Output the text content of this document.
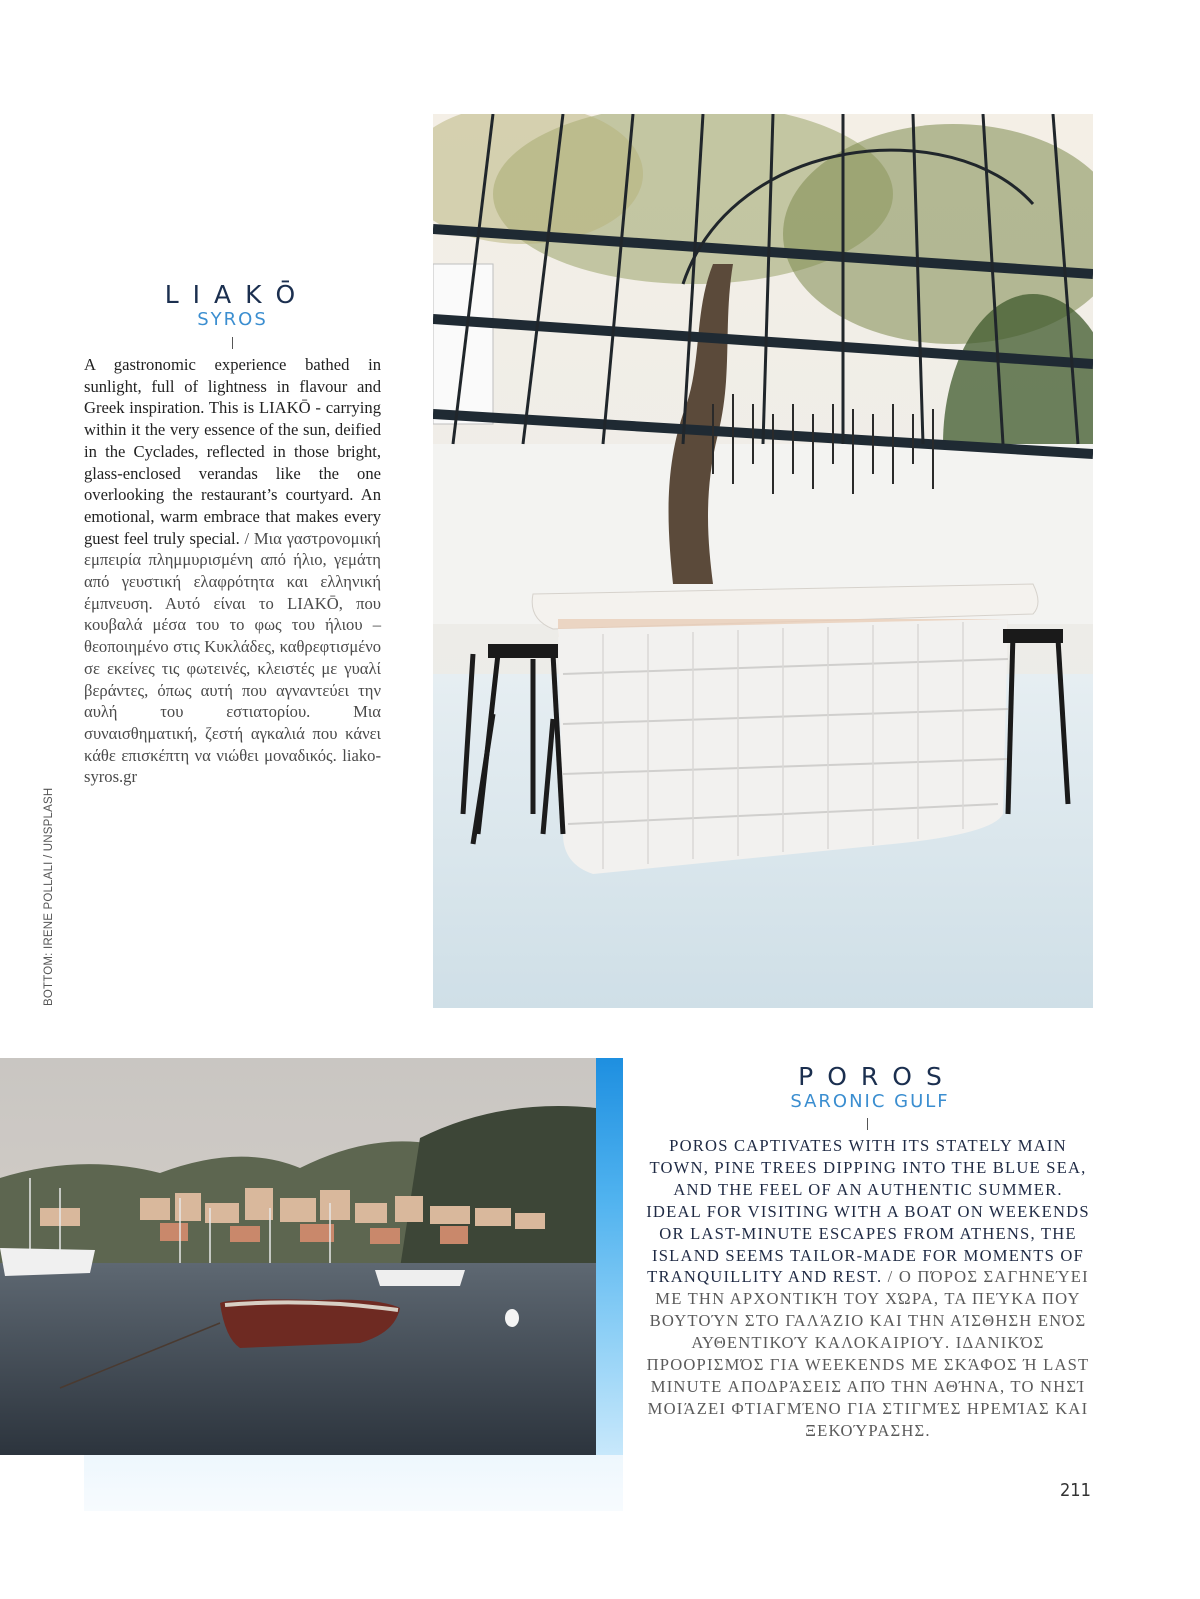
LIAKŌ
SYROS
A gastronomic experience bathed in sunlight, full of lightness in flavour and Greek inspiration. This is LIAKŌ - carrying within it the very essence of the sun, deified in the Cyclades, reflected in those bright, glass-enclosed verandas like the one overlooking the restaurant’s courtyard. An emotional, warm embrace that makes every guest feel truly special. / Μια γαστρονομική εμπειρία πλημμυρισμένη από ήλιο, γεμάτη από γευστική ελαφρότητα και ελληνική έμπνευση. Αυτό είναι το LIAKŌ, που κουβαλά μέσα του το φως του ήλιου – θεοποιημένο στις Κυκλάδες, καθρεφτισμένο σε εκείνες τις φωτεινές, κλειστές με γυαλί βεράντες, όπως αυτή που αγναντεύει την αυλή του εστιατορίου. Μια συναισθηματική, ζεστή αγκαλιά που κάνει κάθε επισκέπτη να νιώθει μοναδικός. liako-syros.gr
BOTTOM: IRENE POLLALI / UNSPLASH
POROS
SARONIC GULF
POROS CAPTIVATES WITH ITS STATELY MAIN TOWN, PINE TREES DIPPING INTO THE BLUE SEA, AND THE FEEL OF AN AUTHENTIC SUMMER. IDEAL FOR VISITING WITH A BOAT ON WEEKENDS OR LAST-MINUTE ESCAPES FROM ATHENS, THE ISLAND SEEMS TAILOR-MADE FOR MOMENTS OF TRANQUILLITY AND REST. / Ο ΠΌΡΟΣ ΣΑΓΗΝΕΎΕΙ ΜΕ ΤΗΝ ΑΡΧΟΝΤΙΚΉ ΤΟΥ ΧΏΡΑ, ΤΑ ΠΕΎΚΑ ΠΟΥ ΒΟΥΤΟΎΝ ΣΤΟ ΓΑΛΆΖΙΟ ΚΑΙ ΤΗΝ ΑΊΣΘΗΣΗ ΕΝΌΣ ΑΥΘΕΝΤΙΚΟΎ ΚΑΛΟΚΑΙΡΙΟΎ. ΙΔΑΝΙΚΌΣ ΠΡΟΟΡΙΣΜΌΣ ΓΙΑ WEEKENDS ΜΕ ΣΚΆΦΟΣ Ή LAST MINUTE ΑΠΟΔΡΆΣΕΙΣ ΑΠΌ ΤΗΝ ΑΘΉΝΑ, ΤΟ ΝΗΣΊ ΜΟΙΆΖΕΙ ΦΤΙΑΓΜΈΝΟ ΓΙΑ ΣΤΙΓΜΈΣ ΗΡΕΜΊΑΣ ΚΑΙ ΞΕΚΟΎΡΑΣΗΣ.
211
